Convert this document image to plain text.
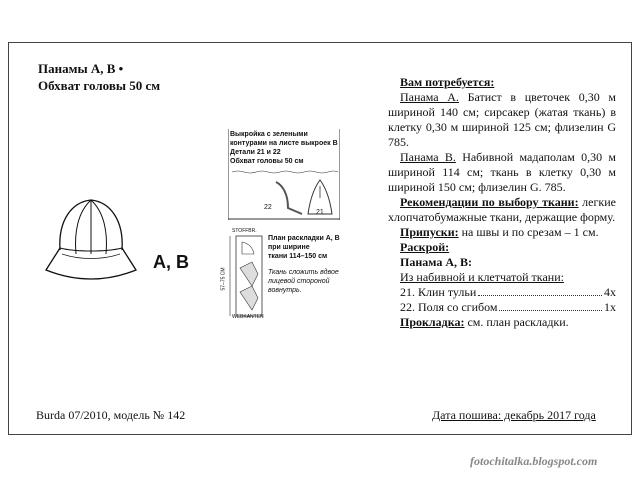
Панамы А, В •
Обхват головы 50 см
А, В
Выкройка с зелеными
контурами на листе выкроек В
Детали 21 и 22
Обхват головы 50 см
22
21
STOFFBR.
57–75 СМ
WEBKANTEN
План раскладки А, В
при ширине
ткани 114–150 см
Ткань сложить вдвое
лицевой стороной
вовнутрь.

Вам потребуется:

Панама А. Батист в цветочек 0,30 м шириной 140 см; сирсакер (жатая ткань) в клетку 0,30 м шириной 125 см; флизелин G 785.

Панама В. Набивной мадаполам 0,30 м шириной 114 см; ткань в клетку 0,30 м шириной 150 см; флизелин G. 785.

Рекомендации по выбору ткани: легкие хлопчатобумажные ткани, держащие форму.

Припуски: на швы и по срезам – 1 см.

Раскрой:

Панама А, В:

Из набивной и клетчатой ткани:

21. Клин тульи	4х
22. Поля со сгибом	1х

Прокладка: см. план раскладки.

Burda 07/2010, модель № 142	Дата пошива: декабрь 2017 года
fotochitalka.blogspot.com
